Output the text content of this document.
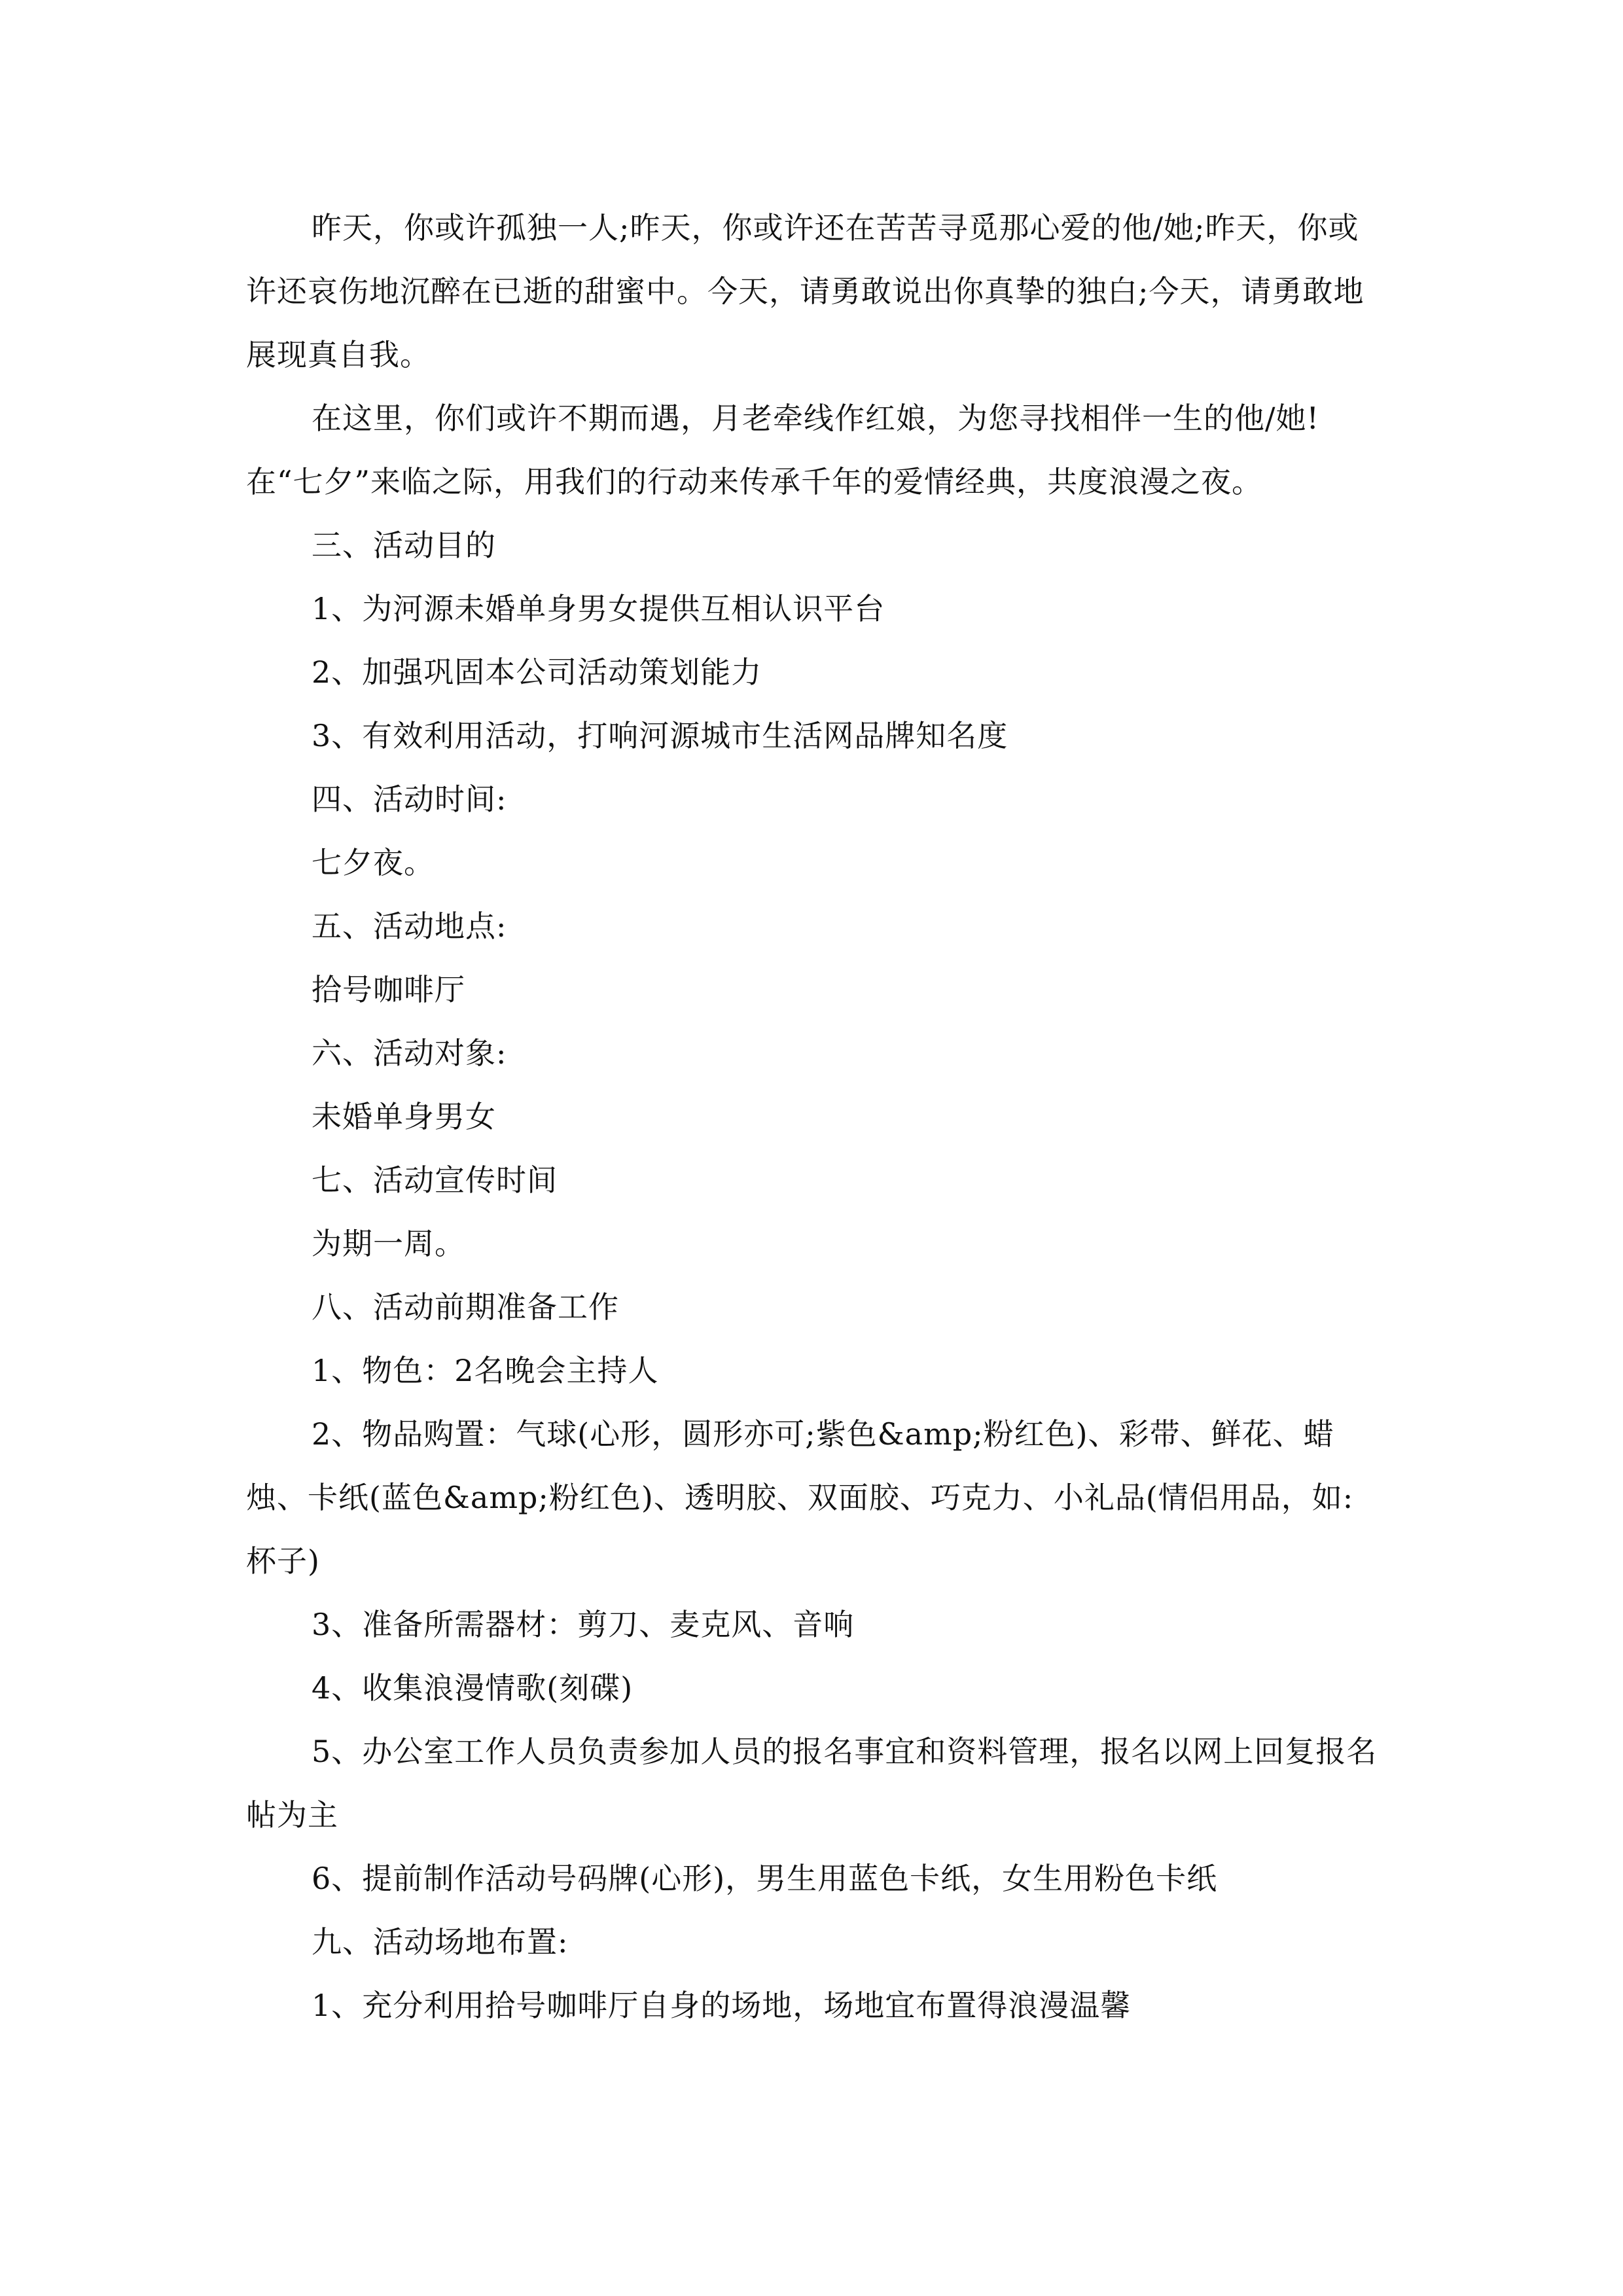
昨天，你或许孤独一人;昨天，你或许还在苦苦寻觅那心爱的他/她;昨天，你或许还哀伤地沉醉在已逝的甜蜜中。今天，请勇敢说出你真挚的独白;今天，请勇敢地展现真自我。

在这里，你们或许不期而遇，月老牵线作红娘，为您寻找相伴一生的他/她!在“七夕”来临之际，用我们的行动来传承千年的爱情经典，共度浪漫之夜。

三、活动目的

1、为河源未婚单身男女提供互相认识平台

2、加强巩固本公司活动策划能力

3、有效利用活动，打响河源城市生活网品牌知名度

四、活动时间:

七夕夜。

五、活动地点:

拾号咖啡厅

六、活动对象:

未婚单身男女

七、活动宣传时间

为期一周。

八、活动前期准备工作

1、物色：2名晚会主持人

2、物品购置：气球(心形，圆形亦可;紫色&amp;粉红色)、彩带、鲜花、蜡烛、卡纸(蓝色&amp;粉红色)、透明胶、双面胶、巧克力、小礼品(情侣用品，如:杯子)

3、准备所需器材：剪刀、麦克风、音响

4、收集浪漫情歌(刻碟)

5、办公室工作人员负责参加人员的报名事宜和资料管理，报名以网上回复报名帖为主

6、提前制作活动号码牌(心形)，男生用蓝色卡纸，女生用粉色卡纸

九、活动场地布置:

1、充分利用拾号咖啡厅自身的场地，场地宜布置得浪漫温馨
